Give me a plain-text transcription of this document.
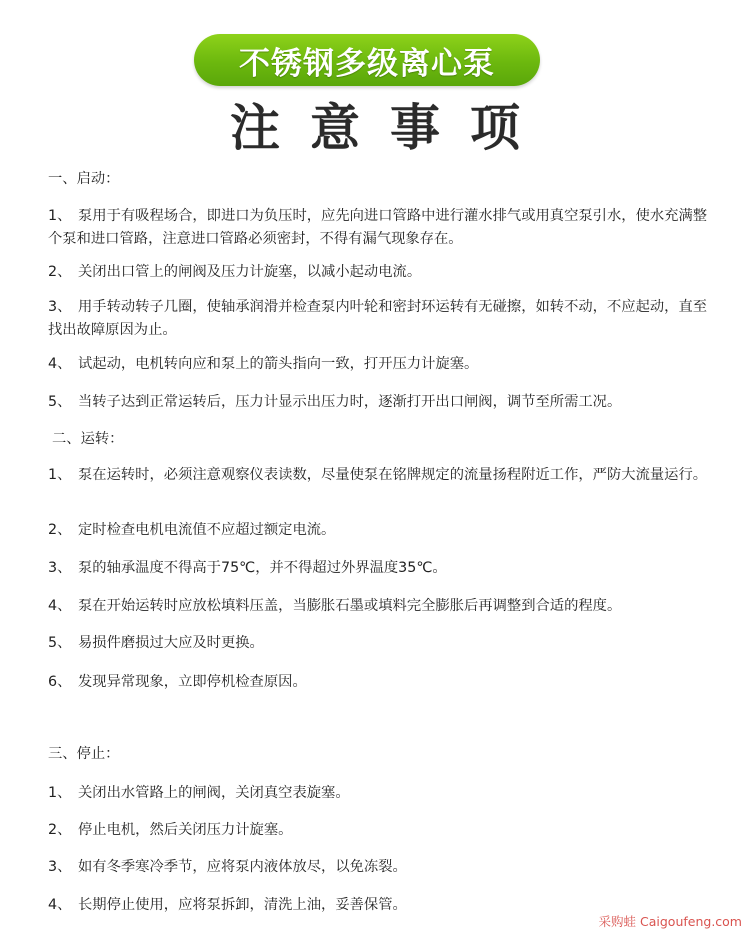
不锈钢多级离心泵
注意事项
一、启动：
1、 泵用于有吸程场合，即进口为负压时，应先向进口管路中进行灌水排气或用真空泵引水，使水充满整个泵和进口管路，注意进口管路必须密封，不得有漏气现象存在。
2、 关闭出口管上的闸阀及压力计旋塞，以减小起动电流。
3、 用手转动转子几圈，使轴承润滑并检查泵内叶轮和密封环运转有无碰擦，如转不动，不应起动，直至找出故障原因为止。
4、 试起动，电机转向应和泵上的箭头指向一致，打开压力计旋塞。
5、 当转子达到正常运转后，压力计显示出压力时，逐渐打开出口闸阀，调节至所需工况。
二、运转：
1、 泵在运转时，必须注意观察仪表读数，尽量使泵在铭牌规定的流量扬程附近工作，严防大流量运行。
2、 定时检查电机电流值不应超过额定电流。
3、 泵的轴承温度不得高于75℃，并不得超过外界温度35℃。
4、 泵在开始运转时应放松填料压盖，当膨胀石墨或填料完全膨胀后再调整到合适的程度。
5、 易损件磨损过大应及时更换。
6、 发现异常现象，立即停机检查原因。
三、停止：
1、 关闭出水管路上的闸阀，关闭真空表旋塞。
2、 停止电机，然后关闭压力计旋塞。
3、 如有冬季寒冷季节，应将泵内液体放尽，以免冻裂。
4、 长期停止使用，应将泵拆卸，清洗上油，妥善保管。
采购蛙 Caigoufeng.com
